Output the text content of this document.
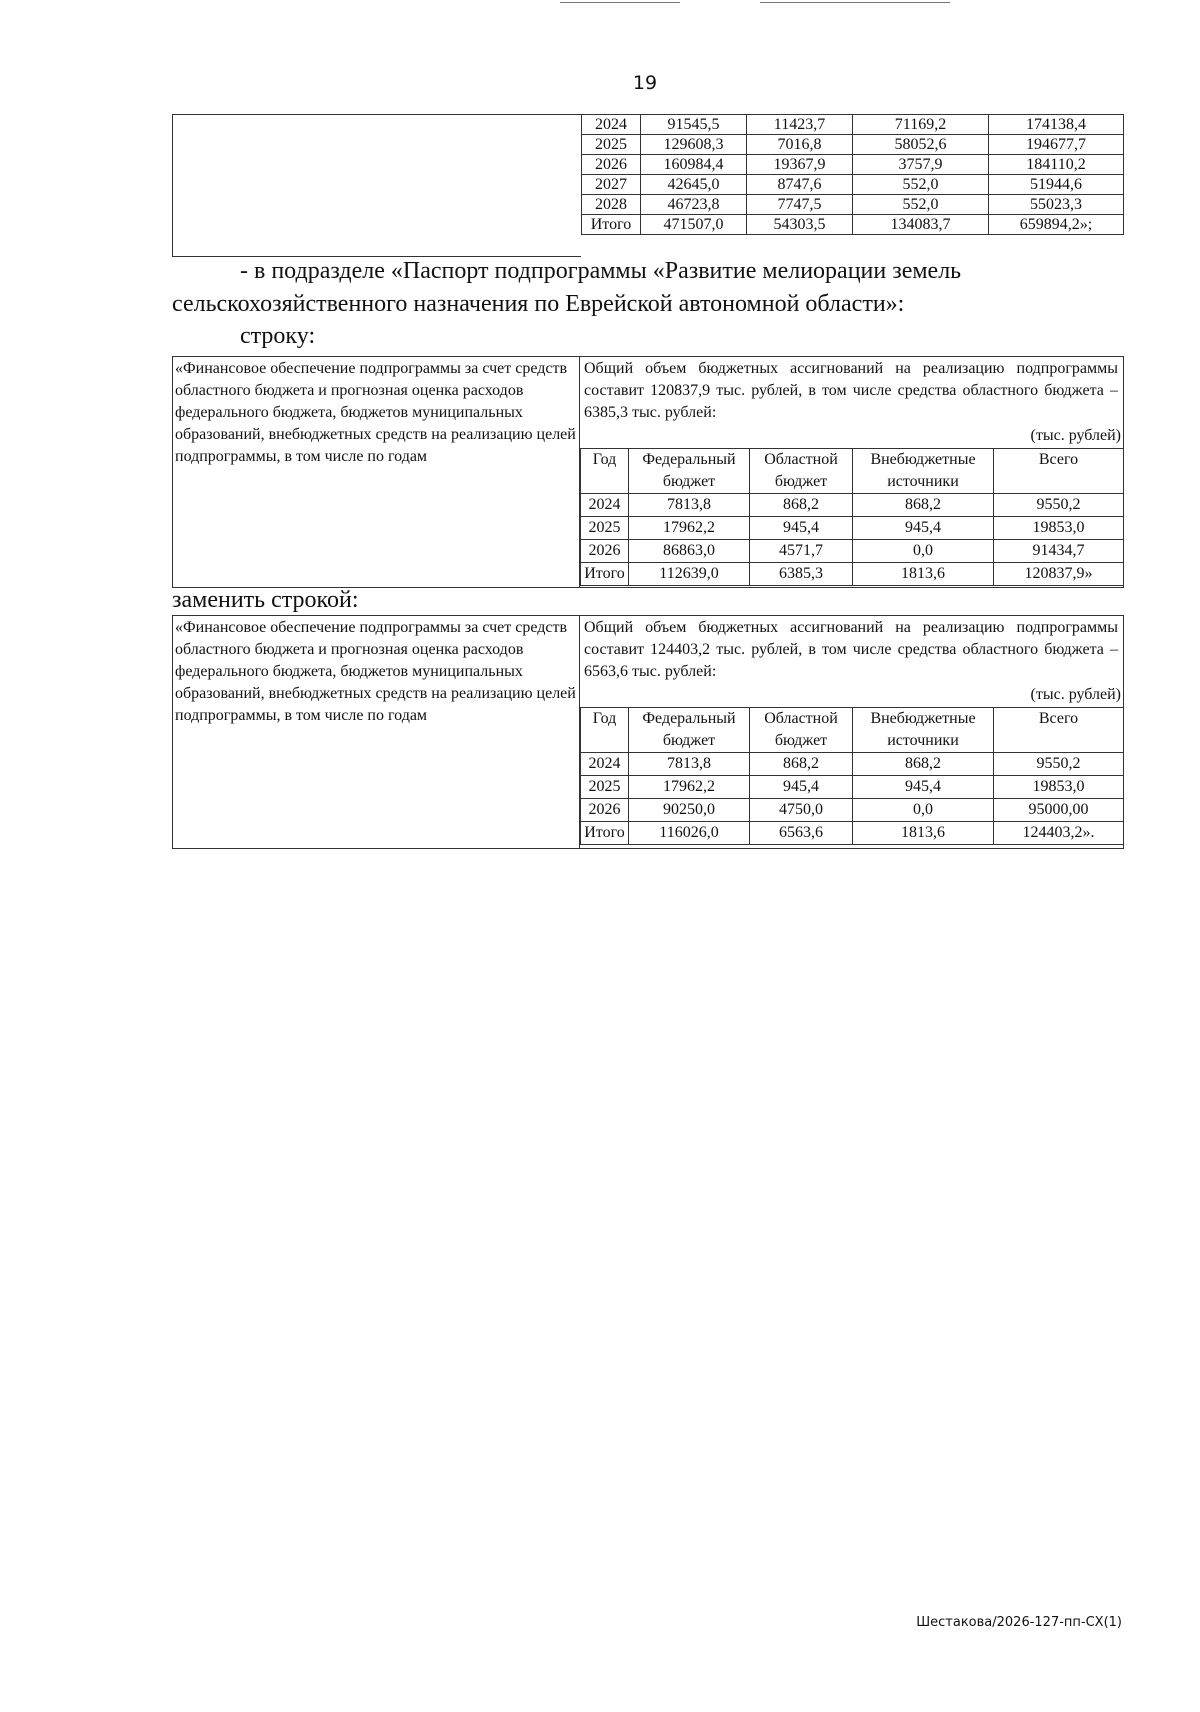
19
2024	91545,5	11423,7	71169,2	174138,4
2025	129608,3	7016,8	58052,6	194677,7
2026	160984,4	19367,9	3757,9	184110,2
2027	42645,0	8747,6	552,0	51944,6
2028	46723,8	7747,5	552,0	55023,3
Итого	471507,0	54303,5	134083,7	659894,2»;
- в подразделе «Паспорт подпрограммы «Развитие мелиорации земель
сельскохозяйственного назначения по Еврейской автономной области»:
строку:
«Финансовое обеспечение подпрограммы за счет средств областного бюджета и прогнозная оценка расходов федерального бюджета, бюджетов муниципальных образований, внебюджетных средств на реализацию целей подпрограммы, в том числе по годам
Общий объем бюджетных ассигнований на реализацию подпрограммы составит 120837,9 тыс. рублей, в том числе средства областного бюджета – 6385,3 тыс. рублей:
(тыс. рублей)
Год	Федеральный бюджет	Областной бюджет	Внебюджетные источники	Всего
2024	7813,8	868,2	868,2	9550,2
2025	17962,2	945,4	945,4	19853,0
2026	86863,0	4571,7	0,0	91434,7
Итого	112639,0	6385,3	1813,6	120837,9»
заменить строкой:
«Финансовое обеспечение подпрограммы за счет средств областного бюджета и прогнозная оценка расходов федерального бюджета, бюджетов муниципальных образований, внебюджетных средств на реализацию целей подпрограммы, в том числе по годам
Общий объем бюджетных ассигнований на реализацию подпрограммы составит 124403,2 тыс. рублей, в том числе средства областного бюджета – 6563,6 тыс. рублей:
(тыс. рублей)
Год	Федеральный бюджет	Областной бюджет	Внебюджетные источники	Всего
2024	7813,8	868,2	868,2	9550,2
2025	17962,2	945,4	945,4	19853,0
2026	90250,0	4750,0	0,0	95000,00
Итого	116026,0	6563,6	1813,6	124403,2».
Шестакова/2026-127-пп-СХ(1)
